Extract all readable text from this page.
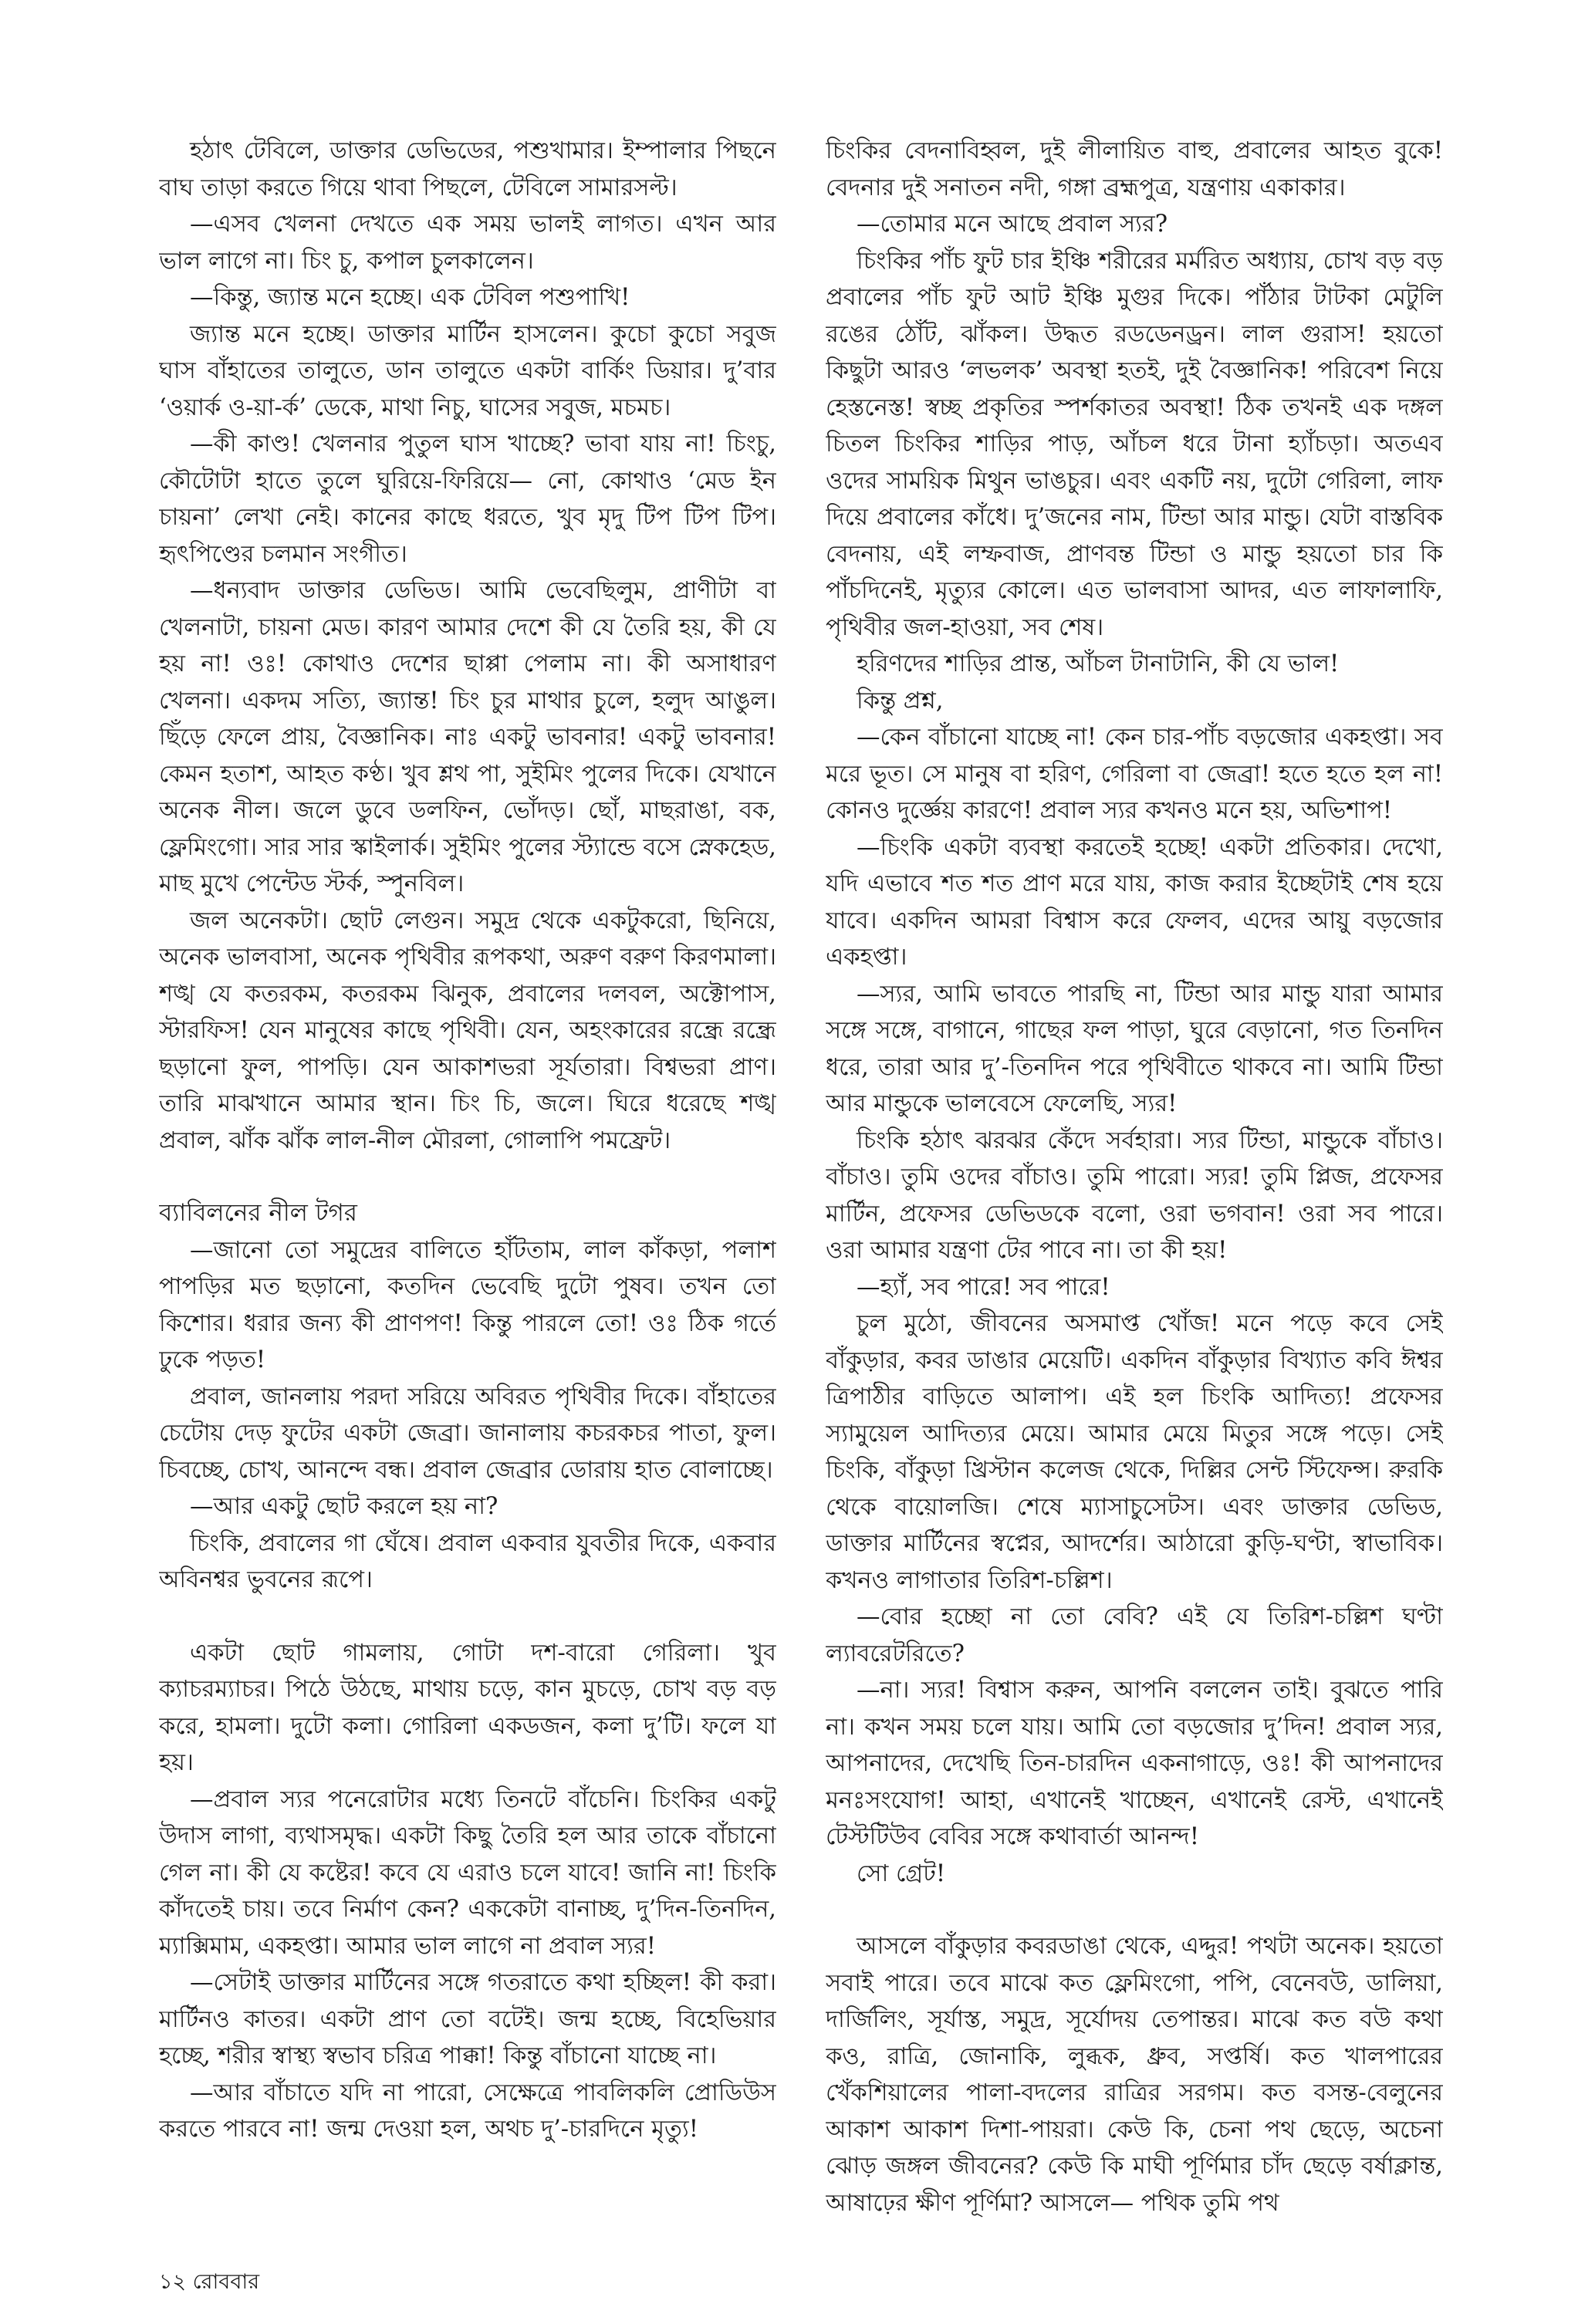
হঠাৎ টেবিলে, ডাক্তার ডেভিডের, পশুখামার। ইম্পালার পিছনে বাঘ তাড়া করতে গিয়ে থাবা পিছলে, টেবিলে সামারসল্ট।

—এসব খেলনা দেখতে এক সময় ভালই লাগত। এখন আর ভাল লাগে না। চিং চু, কপাল চুলকালেন।

—কিন্তু, জ্যান্ত মনে হচ্ছে। এক টেবিল পশুপাখি!

জ্যান্ত মনে হচ্ছে। ডাক্তার মার্টিন হাসলেন। কুচো কুচো সবুজ ঘাস বাঁহাতের তালুতে, ডান তালুতে একটা বার্কিং ডিয়ার। দু’বার ‘ওয়ার্ক ও-য়া-র্ক’ ডেকে, মাথা নিচু, ঘাসের সবুজ, মচমচ।

—কী কাণ্ড! খেলনার পুতুল ঘাস খাচ্ছে? ভাবা যায় না! চিংচু, কৌটোটা হাতে তুলে ঘুরিয়ে-ফিরিয়ে— নো, কোথাও ‘মেড ইন চায়না’ লেখা নেই। কানের কাছে ধরতে, খুব মৃদু টিপ টিপ টিপ। হৃৎপিণ্ডের চলমান সংগীত।

—ধন্যবাদ ডাক্তার ডেভিড। আমি ভেবেছিলুম, প্রাণীটা বা খেলনাটা, চায়না মেড। কারণ আমার দেশে কী যে তৈরি হয়, কী যে হয় না! ওঃ! কোথাও দেশের ছাপ্পা পেলাম না। কী অসাধারণ খেলনা। একদম সত্যি, জ্যান্ত! চিং চুর মাথার চুলে, হলুদ আঙুল। ছিঁড়ে ফেলে প্রায়, বৈজ্ঞানিক। নাঃ একটু ভাবনার! একটু ভাবনার! কেমন হতাশ, আহত কণ্ঠ। খুব শ্লথ পা, সুইমিং পুলের দিকে। যেখানে অনেক নীল। জলে ডুবে ডলফিন, ভোঁদড়। ছোঁ, মাছরাঙা, বক, ফ্লেমিংগো। সার সার স্কাইলার্ক। সুইমিং পুলের স্ট্যান্ডে বসে স্নেকহেড, মাছ মুখে পেন্টেড স্টর্ক, স্পুনবিল।

জল অনেকটা। ছোট লেগুন। সমুদ্র থেকে একটুকরো, ছিনিয়ে, অনেক ভালবাসা, অনেক পৃথিবীর রূপকথা, অরুণ বরুণ কিরণমালা। শঙ্খ যে কতরকম, কতরকম ঝিনুক, প্রবালের দলবল, অক্টোপাস, স্টারফিস! যেন মানুষের কাছে পৃথিবী। যেন, অহংকারের রন্ধ্রে রন্ধ্রে ছড়ানো ফুল, পাপড়ি। যেন আকাশভরা সূর্যতারা। বিশ্বভরা প্রাণ। তারি মাঝখানে আমার স্থান। চিং চি, জলে। ঘিরে ধরেছে শঙ্খ প্রবাল, ঝাঁক ঝাঁক লাল-নীল মৌরলা, গোলাপি পমফ্রেট।

ব্যাবিলনের নীল টগর

—জানো তো সমুদ্রের বালিতে হাঁটতাম, লাল কাঁকড়া, পলাশ পাপড়ির মত ছড়ানো, কতদিন ভেবেছি দুটো পুষব। তখন তো কিশোর। ধরার জন্য কী প্রাণপণ! কিন্তু পারলে তো! ওঃ ঠিক গর্তে ঢুকে পড়ত!

প্রবাল, জানলায় পরদা সরিয়ে অবিরত পৃথিবীর দিকে। বাঁহাতের চেটোয় দেড় ফুটের একটা জেব্রা। জানালায় কচরকচর পাতা, ফুল। চিবচ্ছে, চোখ, আনন্দে বন্ধ। প্রবাল জেব্রার ডোরায় হাত বোলাচ্ছে।

—আর একটু ছোট করলে হয় না?

চিংকি, প্রবালের গা ঘেঁষে। প্রবাল একবার যুবতীর দিকে, একবার অবিনশ্বর ভুবনের রূপে।

একটা ছোট গামলায়, গোটা দশ-বারো গেরিলা। খুব ক্যাচরম্যাচর। পিঠে উঠছে, মাথায় চড়ে, কান মুচড়ে, চোখ বড় বড় করে, হামলা। দুটো কলা। গোরিলা একডজন, কলা দু’টি। ফলে যা হয়।

—প্রবাল স্যর পনেরোটার মধ্যে তিনটে বাঁচেনি। চিংকির একটু উদাস লাগা, ব্যথাসমৃদ্ধ। একটা কিছু তৈরি হল আর তাকে বাঁচানো গেল না। কী যে কষ্টের! কবে যে এরাও চলে যাবে! জানি না! চিংকি কাঁদতেই চায়। তবে নির্মাণ কেন? এককেটা বানাচ্ছ, দু’দিন-তিনদিন, ম্যাক্সিমাম, একহপ্তা। আমার ভাল লাগে না প্রবাল স্যর!

—সেটাই ডাক্তার মার্টিনের সঙ্গে গতরাতে কথা হচ্ছিল! কী করা। মার্টিনও কাতর। একটা প্রাণ তো বটেই। জন্ম হচ্ছে, বিহেভিয়ার হচ্ছে, শরীর স্বাস্থ্য স্বভাব চরিত্র পাক্কা! কিন্তু বাঁচানো যাচ্ছে না।

—আর বাঁচাতে যদি না পারো, সেক্ষেত্রে পাবলিকলি প্রোডিউস করতে পারবে না! জন্ম দেওয়া হল, অথচ দু’-চারদিনে মৃত্যু!

চিংকির বেদনাবিহ্বল, দুই লীলায়িত বাহু, প্রবালের আহত বুকে! বেদনার দুই সনাতন নদী, গঙ্গা ব্রহ্মপুত্র, যন্ত্রণায় একাকার।

—তোমার মনে আছে প্রবাল স্যর?

চিংকির পাঁচ ফুট চার ইঞ্চি শরীরের মর্মরিত অধ্যায়, চোখ বড় বড় প্রবালের পাঁচ ফুট আট ইঞ্চি মুগুর দিকে। পাঁঠার টাটকা মেটুলি রঙের ঠোঁট, ঝাঁকল। উদ্ধত রডডেনড্রন। লাল গুরাস! হয়তো কিছুটা আরও ‘লভলক’ অবস্থা হতই, দুই বৈজ্ঞানিক! পরিবেশ নিয়ে হেস্তনেস্ত! স্বচ্ছ প্রকৃতির স্পর্শকাতর অবস্থা! ঠিক তখনই এক দঙ্গল চিতল চিংকির শাড়ির পাড়, আঁচল ধরে টানা হ্যাঁচড়া। অতএব ওদের সাময়িক মিথুন ভাঙচুর। এবং একটি নয়, দুটো গেরিলা, লাফ দিয়ে প্রবালের কাঁধে। দু’জনের নাম, টিন্ডা আর মান্ডু। যেটা বাস্তবিক বেদনায়, এই লম্ফবাজ, প্রাণবন্ত টিন্ডা ও মান্ডু হয়তো চার কি পাঁচদিনেই, মৃত্যুর কোলে। এত ভালবাসা আদর, এত লাফালাফি, পৃথিবীর জল-হাওয়া, সব শেষ।

হরিণদের শাড়ির প্রান্ত, আঁচল টানাটানি, কী যে ভাল!

কিন্তু প্রশ্ন,

—কেন বাঁচানো যাচ্ছে না! কেন চার-পাঁচ বড়জোর একহপ্তা। সব মরে ভূত। সে মানুষ বা হরিণ, গেরিলা বা জেব্রা! হতে হতে হল না! কোনও দুর্জ্ঞেয় কারণে! প্রবাল স্যর কখনও মনে হয়, অভিশাপ!

—চিংকি একটা ব্যবস্থা করতেই হচ্ছে! একটা প্রতিকার। দেখো, যদি এভাবে শত শত প্রাণ মরে যায়, কাজ করার ইচ্ছেটাই শেষ হয়ে যাবে। একদিন আমরা বিশ্বাস করে ফেলব, এদের আয়ু বড়জোর একহপ্তা।

—স্যর, আমি ভাবতে পারছি না, টিন্ডা আর মান্ডু যারা আমার সঙ্গে সঙ্গে, বাগানে, গাছের ফল পাড়া, ঘুরে বেড়ানো, গত তিনদিন ধরে, তারা আর দু’-তিনদিন পরে পৃথিবীতে থাকবে না। আমি টিন্ডা আর মান্ডুকে ভালবেসে ফেলেছি, স্যর!

চিংকি হঠাৎ ঝরঝর কেঁদে সর্বহারা। স্যর টিন্ডা, মান্ডুকে বাঁচাও। বাঁচাও। তুমি ওদের বাঁচাও। তুমি পারো। স্যর! তুমি প্লিজ, প্রফেসর মার্টিন, প্রফেসর ডেভিডকে বলো, ওরা ভগবান! ওরা সব পারে। ওরা আমার যন্ত্রণা টের পাবে না। তা কী হয়!

—হ্যাঁ, সব পারে! সব পারে!

চুল মুঠো, জীবনের অসমাপ্ত খোঁজ! মনে পড়ে কবে সেই বাঁকুড়ার, কবর ডাঙার মেয়েটি। একদিন বাঁকুড়ার বিখ্যাত কবি ঈশ্বর ত্রিপাঠীর বাড়িতে আলাপ। এই হল চিংকি আদিত্য! প্রফেসর স্যামুয়েল আদিত্যর মেয়ে। আমার মেয়ে মিতুর সঙ্গে পড়ে। সেই চিংকি, বাঁকুড়া খ্রিস্টান কলেজ থেকে, দিল্লির সেন্ট স্টিফেন্স। রুরকি থেকে বায়োলজি। শেষে ম্যাসাচুসেটস। এবং ডাক্তার ডেভিড, ডাক্তার মার্টিনের স্বপ্নের, আদর্শের। আঠারো কুড়ি-ঘণ্টা, স্বাভাবিক। কখনও লাগাতার তিরিশ-চল্লিশ।

—বোর হচ্ছো না তো বেবি? এই যে তিরিশ-চল্লিশ ঘণ্টা ল্যাবরেটরিতে?

—না। স্যর! বিশ্বাস করুন, আপনি বললেন তাই। বুঝতে পারি না। কখন সময় চলে যায়। আমি তো বড়জোর দু’দিন! প্রবাল স্যর, আপনাদের, দেখেছি তিন-চারদিন একনাগাড়ে, ওঃ! কী আপনাদের মনঃসংযোগ! আহা, এখানেই খাচ্ছেন, এখানেই রেস্ট, এখানেই টেস্টটিউব বেবির সঙ্গে কথাবার্তা আনন্দ!

সো গ্রেট!

আসলে বাঁকুড়ার কবরডাঙা থেকে, এদ্দুর! পথটা অনেক। হয়তো সবাই পারে। তবে মাঝে কত ফ্লেমিংগো, পপি, বেনেবউ, ডালিয়া, দার্জিলিং, সূর্যাস্ত, সমুদ্র, সূর্যোদয় তেপান্তর। মাঝে কত বউ কথা কও, রাত্রি, জোনাকি, লুব্ধক, ধ্রুব, সপ্তর্ষি। কত খালপারের খেঁকশিয়ালের পালা-বদলের রাত্রির সরগম। কত বসন্ত-বেলুনের আকাশ আকাশ দিশা-পায়রা। কেউ কি, চেনা পথ ছেড়ে, অচেনা ঝোড় জঙ্গল জীবনের? কেউ কি মাঘী পূর্ণিমার চাঁদ ছেড়ে বর্ষাক্লান্ত, আষাঢ়ের ক্ষীণ পূর্ণিমা? আসলে— পথিক তুমি পথ

১২ রোববার
